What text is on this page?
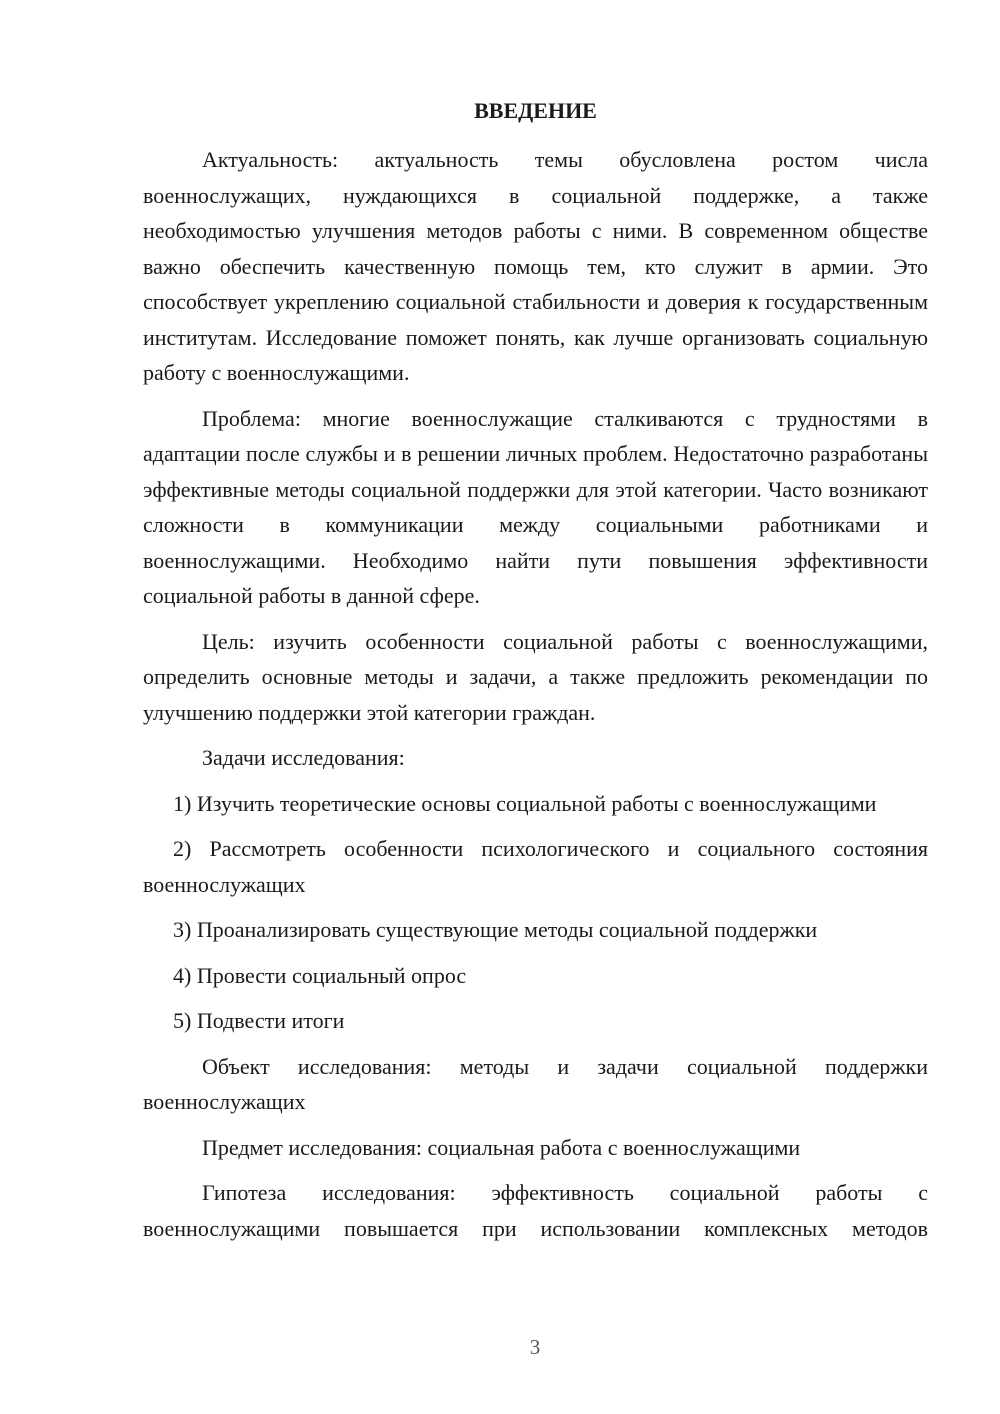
ВВЕДЕНИЕ

Актуальность: актуальность темы обусловлена ростом числа военнослужащих, нуждающихся в социальной поддержке, а также необходимостью улучшения методов работы с ними. В современном обществе важно обеспечить качественную помощь тем, кто служит в армии. Это способствует укреплению социальной стабильности и доверия к государственным институтам. Исследование поможет понять, как лучше организовать социальную работу с военнослужащими.

Проблема: многие военнослужащие сталкиваются с трудностями в адаптации после службы и в решении личных проблем. Недостаточно разработаны эффективные методы социальной поддержки для этой категории. Часто возникают сложности в коммуникации между социальными работниками и военнослужащими. Необходимо найти пути повышения эффективности социальной работы в данной сфере.

Цель: изучить особенности социальной работы с военнослужащими, определить основные методы и задачи, а также предложить рекомендации по улучшению поддержки этой категории граждан.

Задачи исследования:

1) Изучить теоретические основы социальной работы с военнослужащими

2) Рассмотреть особенности психологического и социального состояния военнослужащих

3) Проанализировать существующие методы социальной поддержки

4) Провести социальный опрос

5) Подвести итоги

Объект исследования: методы и задачи социальной поддержки военнослужащих

Предмет исследования: социальная работа с военнослужащими

Гипотеза исследования: эффективность социальной работы с военнослужащими повышается при использовании комплексных методов

3
